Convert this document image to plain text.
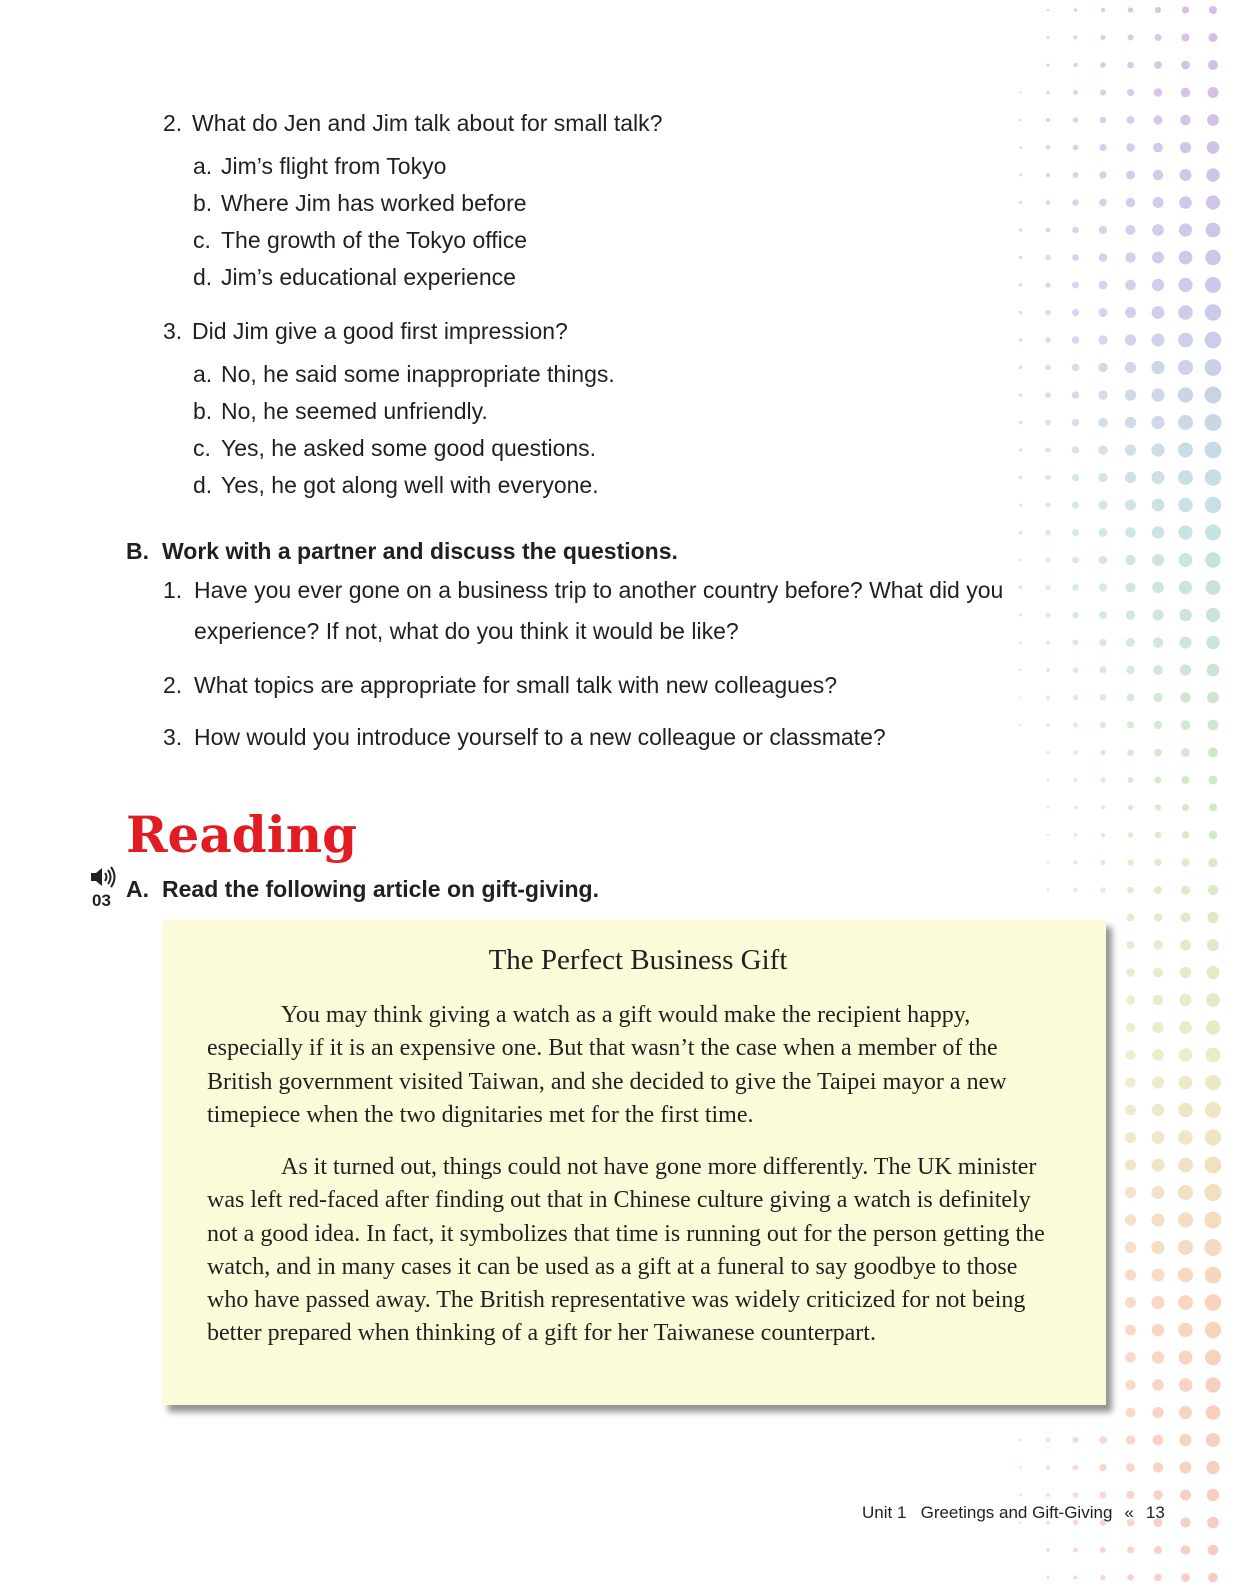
2. What do Jen and Jim talk about for small talk?
a. Jim’s flight from Tokyo
b. Where Jim has worked before
c. The growth of the Tokyo office
d. Jim’s educational experience
3. Did Jim give a good first impression?
a. No, he said some inappropriate things.
b. No, he seemed unfriendly.
c. Yes, he asked some good questions.
d. Yes, he got along well with everyone.
B. Work with a partner and discuss the questions.
1. Have you ever gone on a business trip to another country before? What did you
experience? If not, what do you think it would be like?
2. What topics are appropriate for small talk with new colleagues?
3. How would you introduce yourself to a new colleague or classmate?
Reading
03 A. Read the following article on gift-giving.
The Perfect Business Gift

You may think giving a watch as a gift would make the recipient happy, especially if it is an expensive one. But that wasn’t the case when a member of the British government visited Taiwan, and she decided to give the Taipei mayor a new timepiece when the two dignitaries met for the first time.

As it turned out, things could not have gone more differently. The UK minister was left red-faced after finding out that in Chinese culture giving a watch is definitely not a good idea. In fact, it symbolizes that time is running out for the person getting the watch, and in many cases it can be used as a gift at a funeral to say goodbye to those who have passed away. The British representative was widely criticized for not being better prepared when thinking of a gift for her Taiwanese counterpart.

Unit 1 Greetings and Gift-Giving « 13
